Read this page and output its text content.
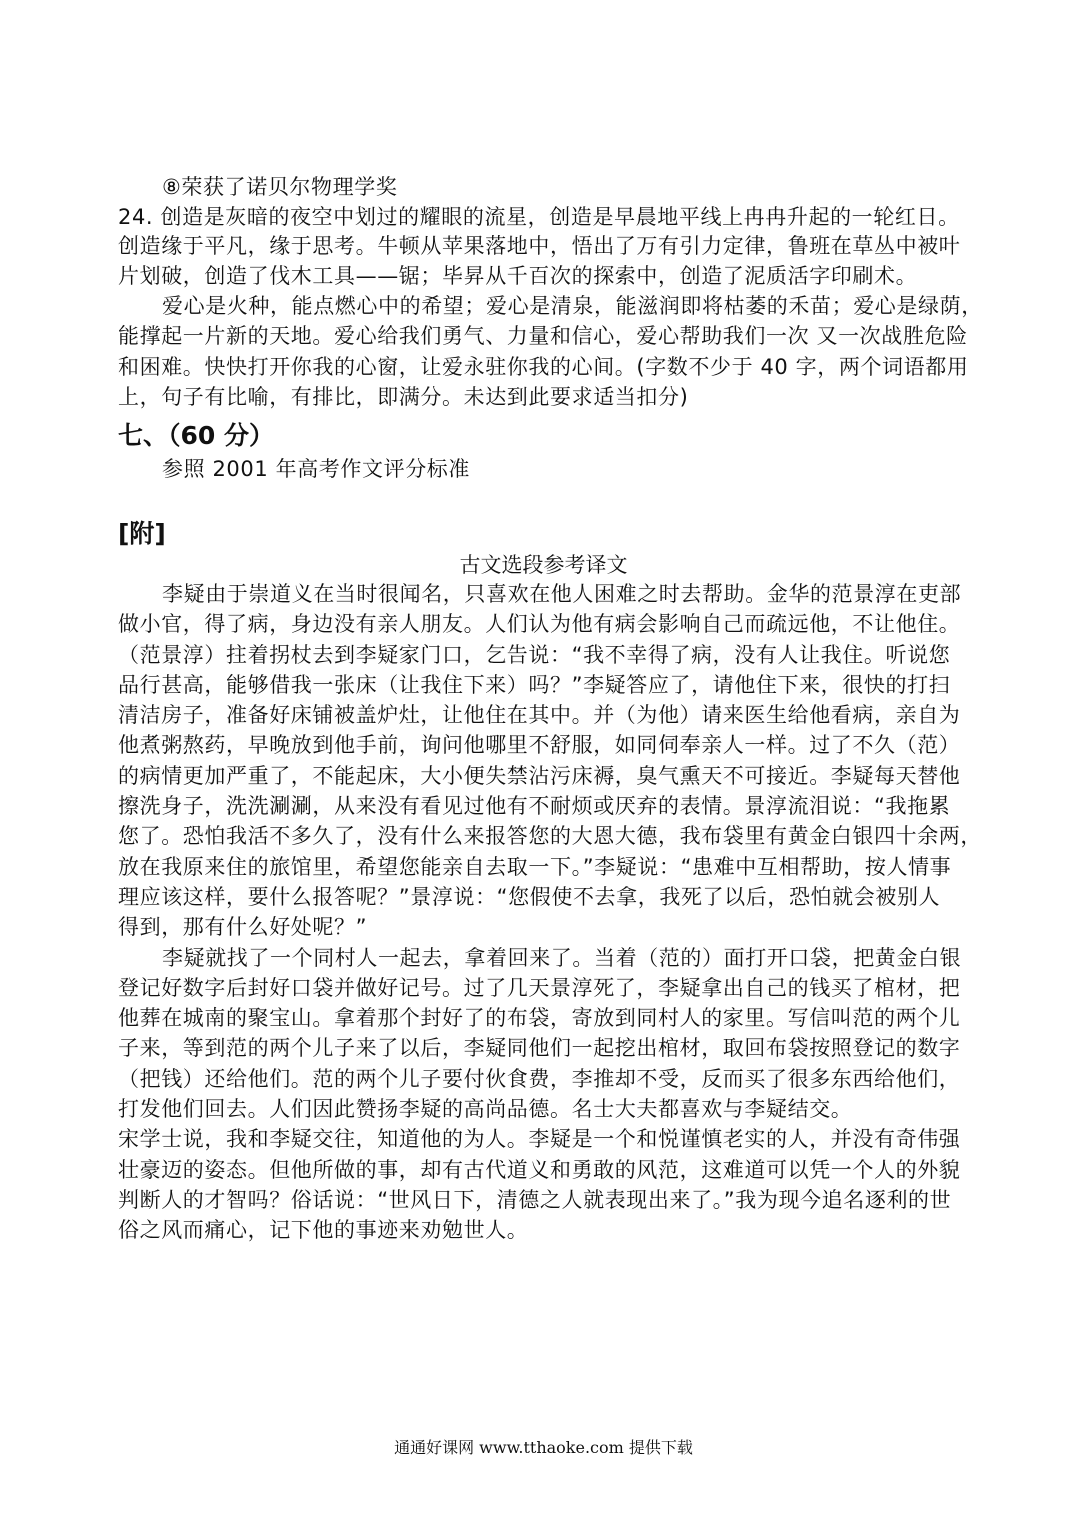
⑧荣获了诺贝尔物理学奖
24. 创造是灰暗的夜空中划过的耀眼的流星，创造是早晨地平线上冉冉升起的一轮红日。
创造缘于平凡，缘于思考。牛顿从苹果落地中，悟出了万有引力定律，鲁班在草丛中被叶
片划破，创造了伐木工具——锯；毕昇从千百次的探索中，创造了泥质活字印刷术。
爱心是火种，能点燃心中的希望；爱心是清泉，能滋润即将枯萎的禾苗；爱心是绿荫，
能撑起一片新的天地。爱心给我们勇气、力量和信心，爱心帮助我们一次 又一次战胜危险
和困难。快快打开你我的心窗，让爱永驻你我的心间。(字数不少于 40 字，两个词语都用
上，句子有比喻，有排比，即满分。未达到此要求适当扣分)
七、（60 分）
参照 2001 年高考作文评分标准
[附]
古文选段参考译文
李疑由于崇道义在当时很闻名，只喜欢在他人困难之时去帮助。金华的范景淳在吏部
做小官，得了病，身边没有亲人朋友。人们认为他有病会影响自己而疏远他，不让他住。
（范景淳）拄着拐杖去到李疑家门口，乞告说：“我不幸得了病，没有人让我住。听说您
品行甚高，能够借我一张床（让我住下来）吗？”李疑答应了，请他住下来，很快的打扫
清洁房子，准备好床铺被盖炉灶，让他住在其中。并（为他）请来医生给他看病，亲自为
他煮粥熬药，早晚放到他手前，询问他哪里不舒服，如同伺奉亲人一样。过了不久（范）
的病情更加严重了，不能起床，大小便失禁沾污床褥，臭气熏天不可接近。李疑每天替他
擦洗身子，洗洗涮涮，从来没有看见过他有不耐烦或厌弃的表情。景淳流泪说：“我拖累
您了。恐怕我活不多久了，没有什么来报答您的大恩大德，我布袋里有黄金白银四十余两，
放在我原来住的旅馆里，希望您能亲自去取一下。”李疑说：“患难中互相帮助，按人情事
理应该这样，要什么报答呢？”景淳说：“您假使不去拿，我死了以后，恐怕就会被别人
得到，那有什么好处呢？”
李疑就找了一个同村人一起去，拿着回来了。当着（范的）面打开口袋，把黄金白银
登记好数字后封好口袋并做好记号。过了几天景淳死了，李疑拿出自己的钱买了棺材，把
他葬在城南的聚宝山。拿着那个封好了的布袋，寄放到同村人的家里。写信叫范的两个儿
子来，等到范的两个儿子来了以后，李疑同他们一起挖出棺材，取回布袋按照登记的数字
（把钱）还给他们。范的两个儿子要付伙食费，李推却不受，反而买了很多东西给他们，
打发他们回去。人们因此赞扬李疑的高尚品德。名士大夫都喜欢与李疑结交。
宋学士说，我和李疑交往，知道他的为人。李疑是一个和悦谨慎老实的人，并没有奇伟强
壮豪迈的姿态。但他所做的事，却有古代道义和勇敢的风范，这难道可以凭一个人的外貌
判断人的才智吗？俗话说：“世风日下，清德之人就表现出来了。”我为现今追名逐利的世
俗之风而痛心，记下他的事迹来劝勉世人。
通通好课网 www.tthaoke.com 提供下载
